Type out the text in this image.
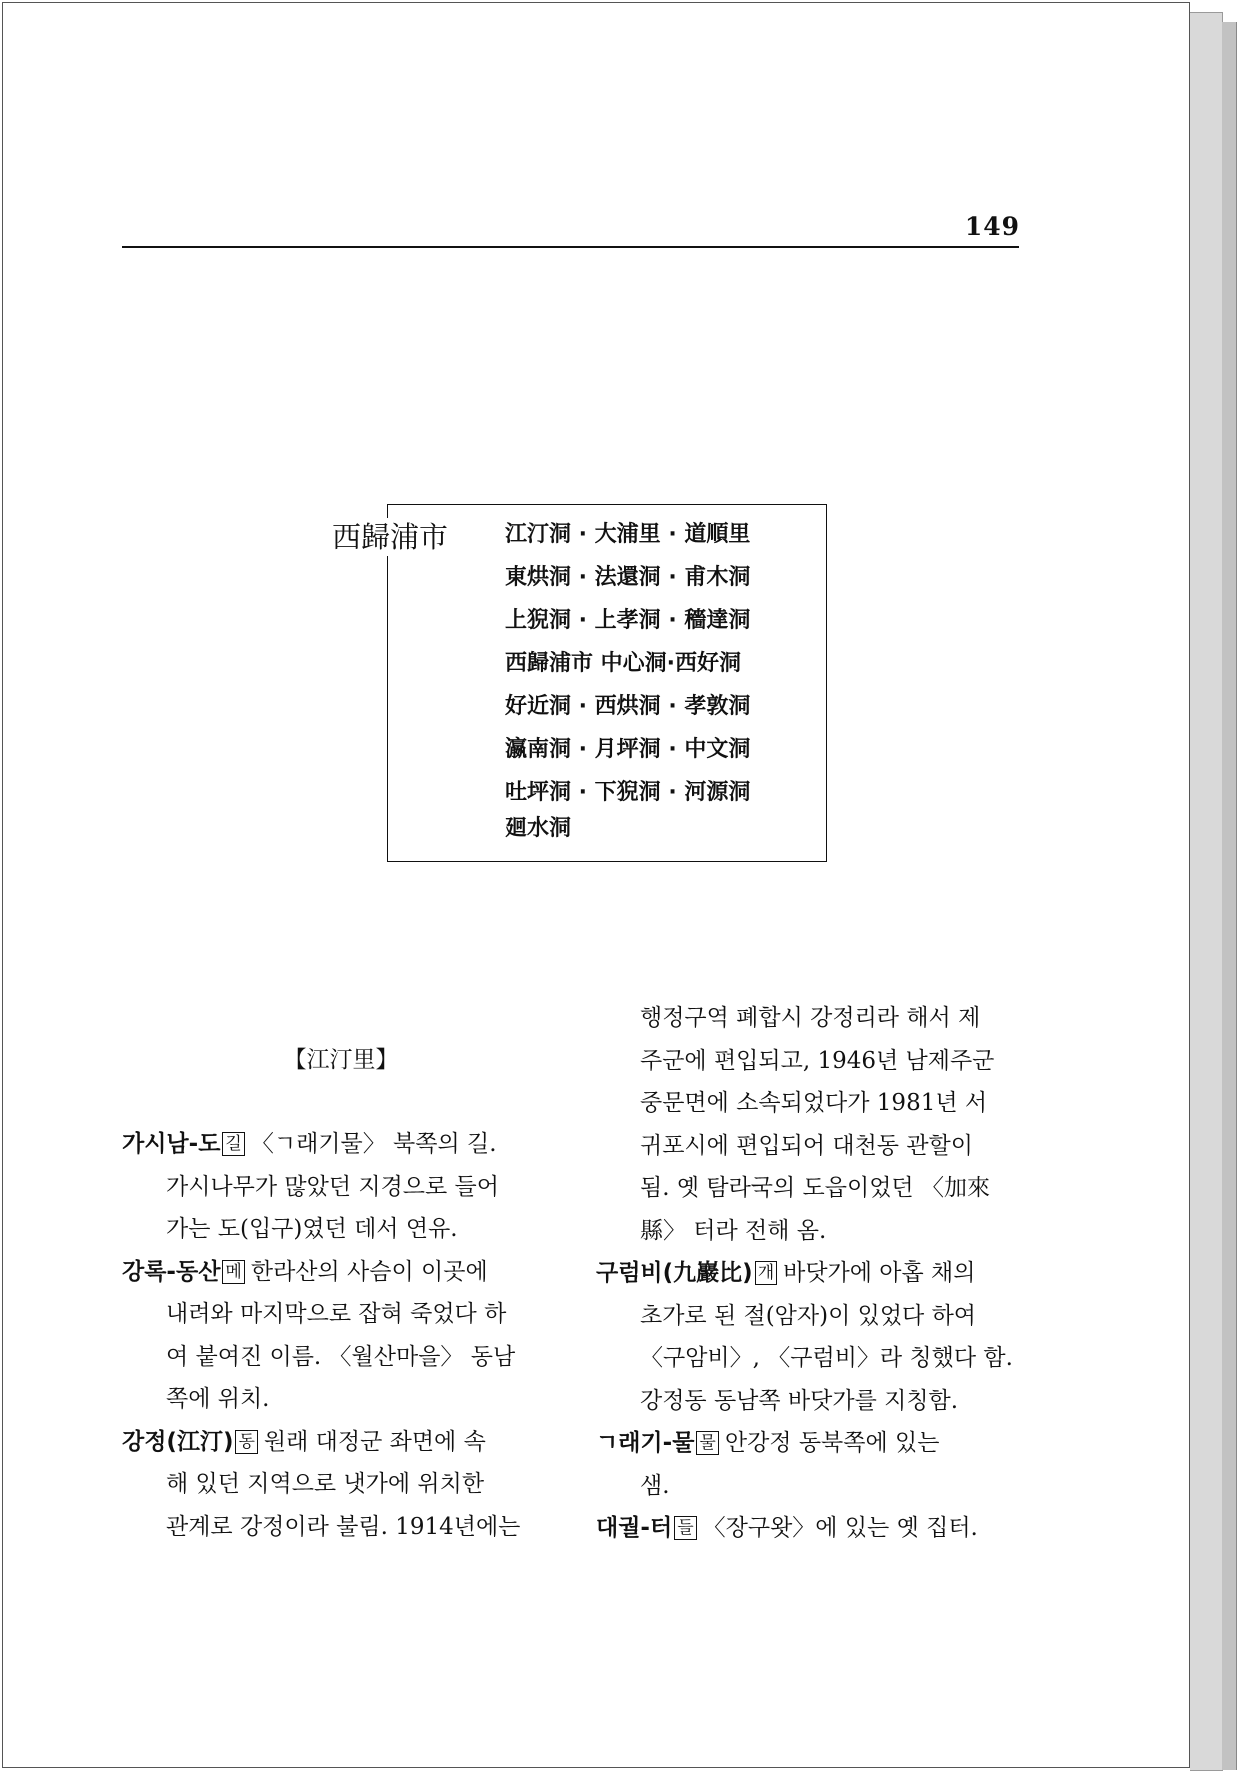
149
西歸浦市	江汀洞 · 大浦里 · 道順里
東烘洞 · 法還洞 · 甫木洞
上猊洞 · 上孝洞 · 穡達洞
西歸浦市 中心洞·西好洞
好近洞 · 西烘洞 · 孝敦洞
瀛南洞 · 月坪洞 · 中文洞
吐坪洞 · 下猊洞 · 河源洞
廻水洞
【江汀里】
가시남-도 길 〈ㄱ래기물〉 북쪽의 길.
가시나무가 많았던 지경으로 들어
가는 도(입구)였던 데서 연유.
강록-동산 메 한라산의 사슴이 이곳에
내려와 마지막으로 잡혀 죽었다 하
여 붙여진 이름. 〈월산마을〉 동남
쪽에 위치.
강정(江汀) 동 원래 대정군 좌면에 속
해 있던 지역으로 냇가에 위치한
관계로 강정이라 불림. 1914년에는
행정구역 폐합시 강정리라 해서 제
주군에 편입되고, 1946년 남제주군
중문면에 소속되었다가 1981년 서
귀포시에 편입되어 대천동 관할이
됨. 옛 탐라국의 도읍이었던 〈加來
縣〉 터라 전해 옴.
구럼비(九巖比) 개 바닷가에 아홉 채의
초가로 된 절(암자)이 있었다 하여
〈구암비〉, 〈구럼비〉라 칭했다 함.
강정동 동남쪽 바닷가를 지칭함.
ㄱ래기-물 물 안강정 동북쪽에 있는
샘.
대궐-터 들 〈장구왓〉에 있는 옛 집터.
